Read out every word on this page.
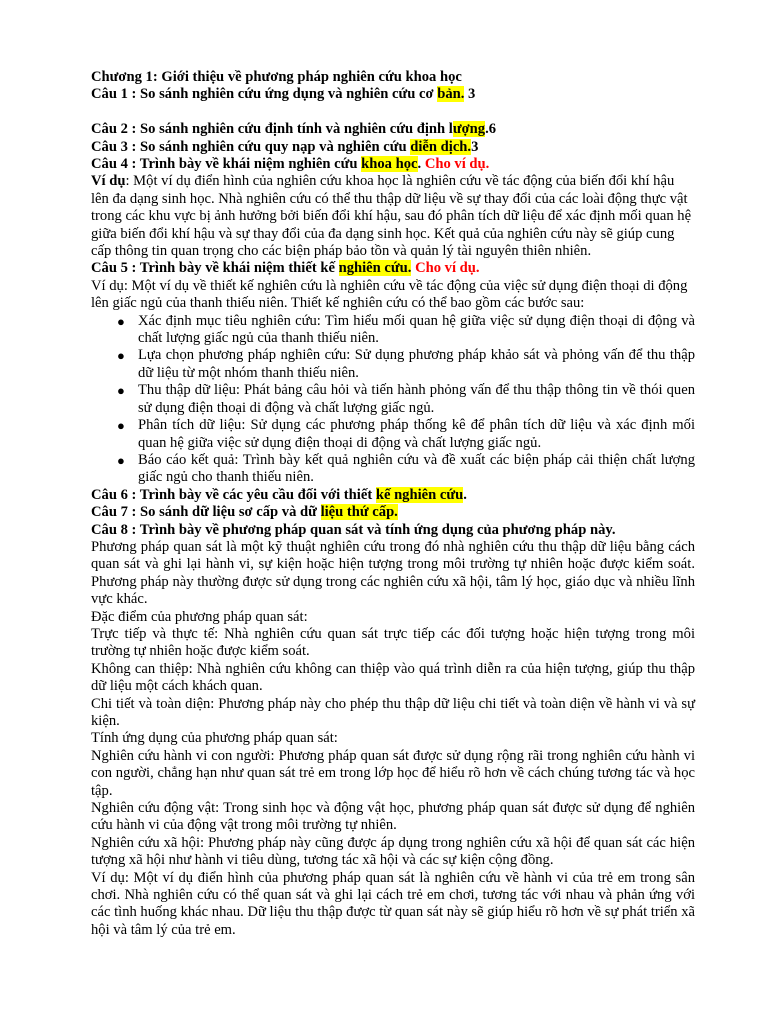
Chương 1: Giới thiệu về phương pháp nghiên cứu khoa học
Câu 1 : So sánh nghiên cứu ứng dụng và nghiên cứu cơ bản. 3
Câu 2 : So sánh nghiên cứu định tính và nghiên cứu định lượng.6
Câu 3 : So sánh nghiên cứu quy nạp và nghiên cứu diễn dịch.3
Câu 4 : Trình bày về khái niệm nghiên cứu khoa học. Cho ví dụ.
Ví dụ: Một ví dụ điển hình của nghiên cứu khoa học là nghiên cứu về tác động của biến đổi khí hậu lên đa dạng sinh học. Nhà nghiên cứu có thể thu thập dữ liệu về sự thay đổi của các loài động thực vật trong các khu vực bị ảnh hưởng bởi biến đổi khí hậu, sau đó phân tích dữ liệu để xác định mối quan hệ giữa biến đổi khí hậu và sự thay đổi của đa dạng sinh học. Kết quả của nghiên cứu này sẽ giúp cung cấp thông tin quan trọng cho các biện pháp bảo tồn và quản lý tài nguyên thiên nhiên.
Câu 5 : Trình bày về khái niệm thiết kế nghiên cứu. Cho ví dụ.
Ví dụ: Một ví dụ về thiết kế nghiên cứu là nghiên cứu về tác động của việc sử dụng điện thoại di động lên giấc ngủ của thanh thiếu niên. Thiết kế nghiên cứu có thể bao gồm các bước sau:
● Xác định mục tiêu nghiên cứu: Tìm hiểu mối quan hệ giữa việc sử dụng điện thoại di động và chất lượng giấc ngủ của thanh thiếu niên.
● Lựa chọn phương pháp nghiên cứu: Sử dụng phương pháp khảo sát và phỏng vấn để thu thập dữ liệu từ một nhóm thanh thiếu niên.
● Thu thập dữ liệu: Phát bảng câu hỏi và tiến hành phỏng vấn để thu thập thông tin về thói quen sử dụng điện thoại di động và chất lượng giấc ngủ.
● Phân tích dữ liệu: Sử dụng các phương pháp thống kê để phân tích dữ liệu và xác định mối quan hệ giữa việc sử dụng điện thoại di động và chất lượng giấc ngủ.
● Báo cáo kết quả: Trình bày kết quả nghiên cứu và đề xuất các biện pháp cải thiện chất lượng giấc ngủ cho thanh thiếu niên.
Câu 6 : Trình bày về các yêu cầu đối với thiết kế nghiên cứu.
Câu 7 : So sánh dữ liệu sơ cấp và dữ liệu thứ cấp.
Câu 8 : Trình bày về phương pháp quan sát và tính ứng dụng của phương pháp này.
Phương pháp quan sát là một kỹ thuật nghiên cứu trong đó nhà nghiên cứu thu thập dữ liệu bằng cách quan sát và ghi lại hành vi, sự kiện hoặc hiện tượng trong môi trường tự nhiên hoặc được kiểm soát. Phương pháp này thường được sử dụng trong các nghiên cứu xã hội, tâm lý học, giáo dục và nhiều lĩnh vực khác.
Đặc điểm của phương pháp quan sát:
Trực tiếp và thực tế: Nhà nghiên cứu quan sát trực tiếp các đối tượng hoặc hiện tượng trong môi trường tự nhiên hoặc được kiểm soát.
Không can thiệp: Nhà nghiên cứu không can thiệp vào quá trình diễn ra của hiện tượng, giúp thu thập dữ liệu một cách khách quan.
Chi tiết và toàn diện: Phương pháp này cho phép thu thập dữ liệu chi tiết và toàn diện về hành vi và sự kiện.
Tính ứng dụng của phương pháp quan sát:
Nghiên cứu hành vi con người: Phương pháp quan sát được sử dụng rộng rãi trong nghiên cứu hành vi con người, chẳng hạn như quan sát trẻ em trong lớp học để hiểu rõ hơn về cách chúng tương tác và học tập.
Nghiên cứu động vật: Trong sinh học và động vật học, phương pháp quan sát được sử dụng để nghiên cứu hành vi của động vật trong môi trường tự nhiên.
Nghiên cứu xã hội: Phương pháp này cũng được áp dụng trong nghiên cứu xã hội để quan sát các hiện tượng xã hội như hành vi tiêu dùng, tương tác xã hội và các sự kiện cộng đồng.
Ví dụ: Một ví dụ điển hình của phương pháp quan sát là nghiên cứu về hành vi của trẻ em trong sân chơi. Nhà nghiên cứu có thể quan sát và ghi lại cách trẻ em chơi, tương tác với nhau và phản ứng với các tình huống khác nhau. Dữ liệu thu thập được từ quan sát này sẽ giúp hiểu rõ hơn về sự phát triển xã hội và tâm lý của trẻ em.
